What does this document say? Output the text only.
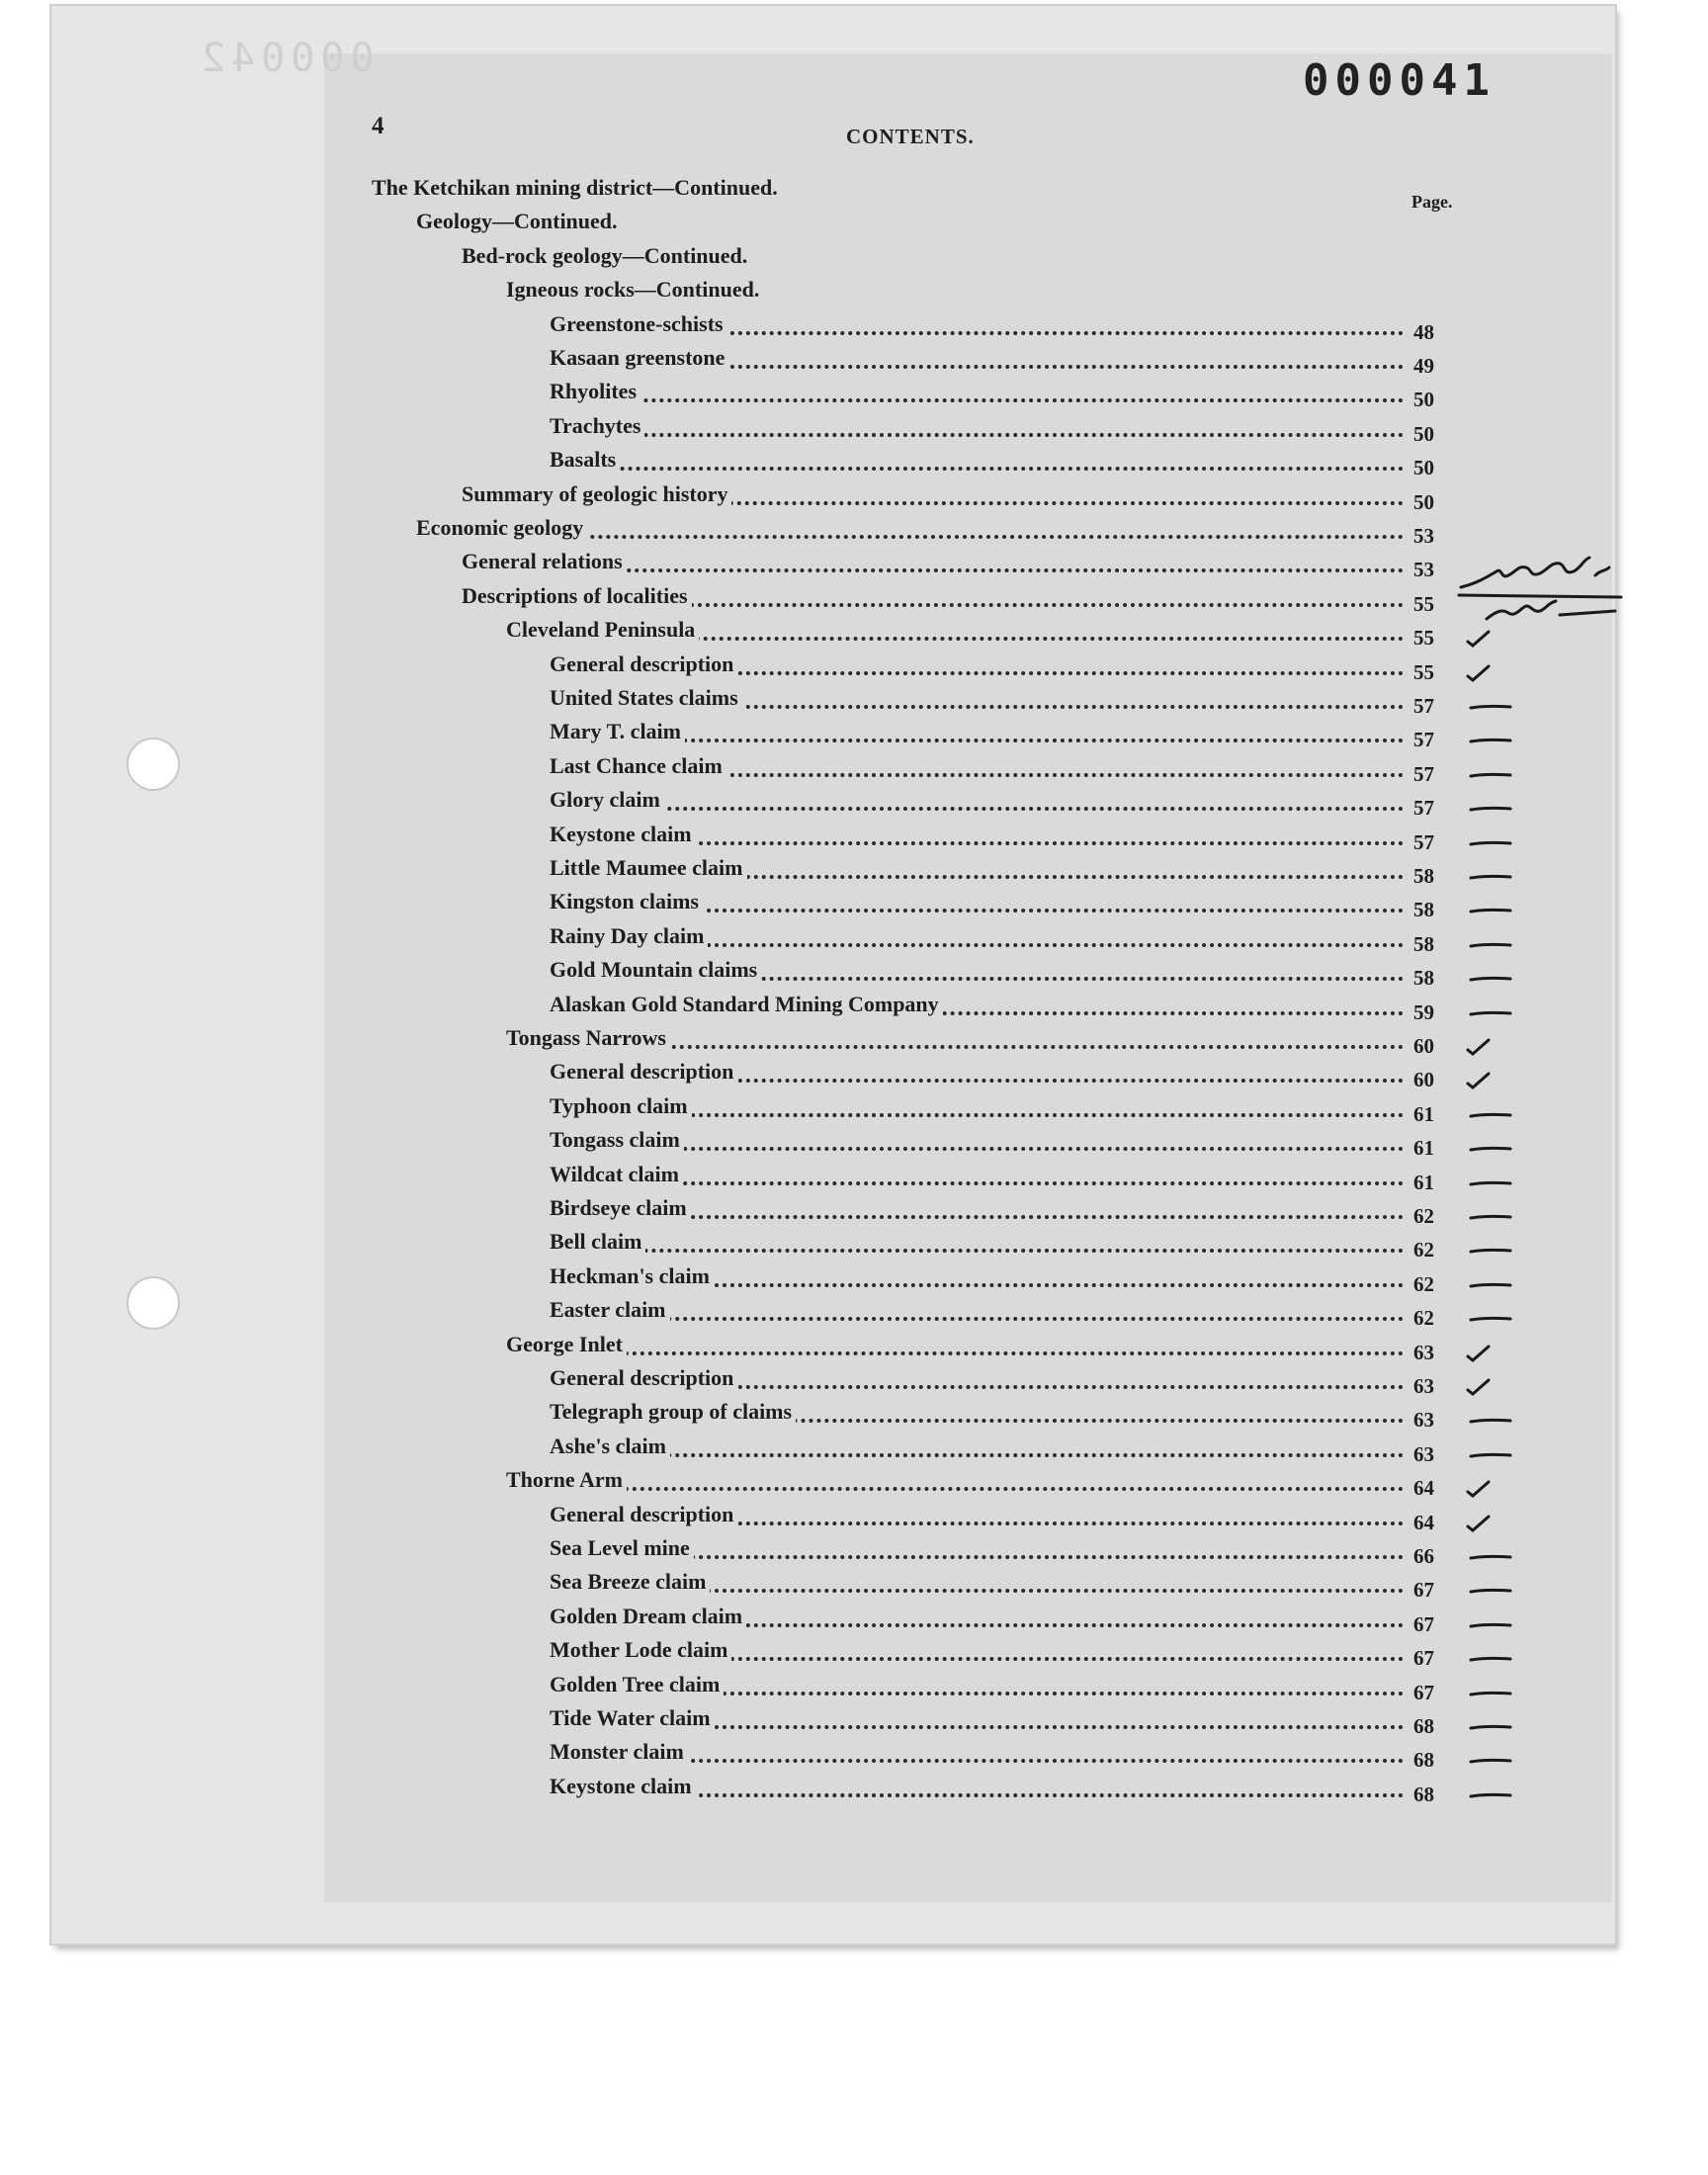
000042	000041
4	CONTENTS.
Page.
The Ketchikan mining district—Continued.
Geology—Continued.
Bed-rock geology—Continued.
Igneous rocks—Continued.
Greenstone-schists	48
Kasaan greenstone	49
Rhyolites	50
Trachytes	50
Basalts	50
Summary of geologic history	50
Economic geology	53
General relations	53
Descriptions of localities	55
Cleveland Peninsula	55
General description	55
United States claims	57
Mary T. claim	57
Last Chance claim	57
Glory claim	57
Keystone claim	57
Little Maumee claim	58
Kingston claims	58
Rainy Day claim	58
Gold Mountain claims	58
Alaskan Gold Standard Mining Company	59
Tongass Narrows	60
General description	60
Typhoon claim	61
Tongass claim	61
Wildcat claim	61
Birdseye claim	62
Bell claim	62
Heckman's claim	62
Easter claim	62
George Inlet	63
General description	63
Telegraph group of claims	63
Ashe's claim	63
Thorne Arm	64
General description	64
Sea Level mine	66
Sea Breeze claim	67
Golden Dream claim	67
Mother Lode claim	67
Golden Tree claim	67
Tide Water claim	68
Monster claim	68
Keystone claim	68
